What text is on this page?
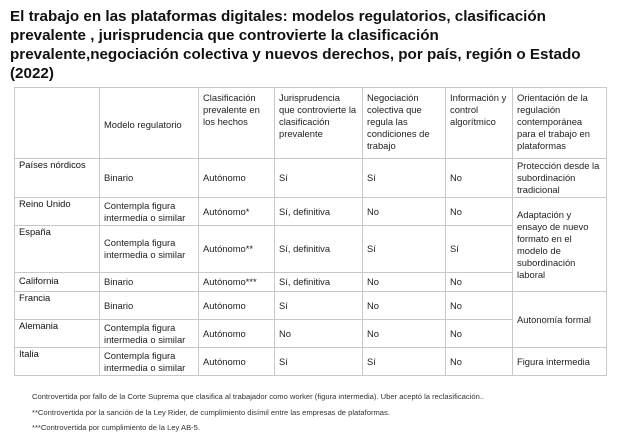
El trabajo en las plataformas digitales: modelos regulatorios, clasificación prevalente , jurisprudencia que controvierte la clasificación prevalente,negociación colectiva y nuevos derechos, por país, región o Estado (2022)
	Modelo regulatorio	Clasificación prevalente en los hechos	Jurisprudencia que controvierte la clasificación prevalente	Negociación colectiva que regula las condiciones de trabajo	Información y control algorítmico	Orientación de la regulación contemporánea para el trabajo en plataformas
Países nórdicos	Binario	Autónomo	Sí	Sí	No	Protección desde la subordinación tradicional
Reino Unido	Contempla figura intermedia o similar	Autónomo*	Sí, definitiva	No	No	Adaptación y ensayo de nuevo formato en el modelo de subordinación laboral
España	Contempla figura intermedia o similar	Autónomo**	Sí, definitiva	Sí	Sí	
California	Binario	Autónomo***	Sí, definitiva	No	No	
Francia	Binario	Autónomo	Sí	No	No	Autonomía formal
Alemania	Contempla figura intermedia o similar	Autónomo	No	No	No	
Italia	Contempla figura intermedia o similar	Autónomo	Sí	Sí	No	Figura intermedia
Controvertida por fallo de la Corte Suprema que clasifica al trabajador como worker (figura intermedia). Uber aceptó la reclasificación..
**Controvertida por la sanción de la Ley Rider, de cumplimiento disímil entre las empresas de plataformas.
***Controvertida por cumplimiento de la Ley AB-5.
